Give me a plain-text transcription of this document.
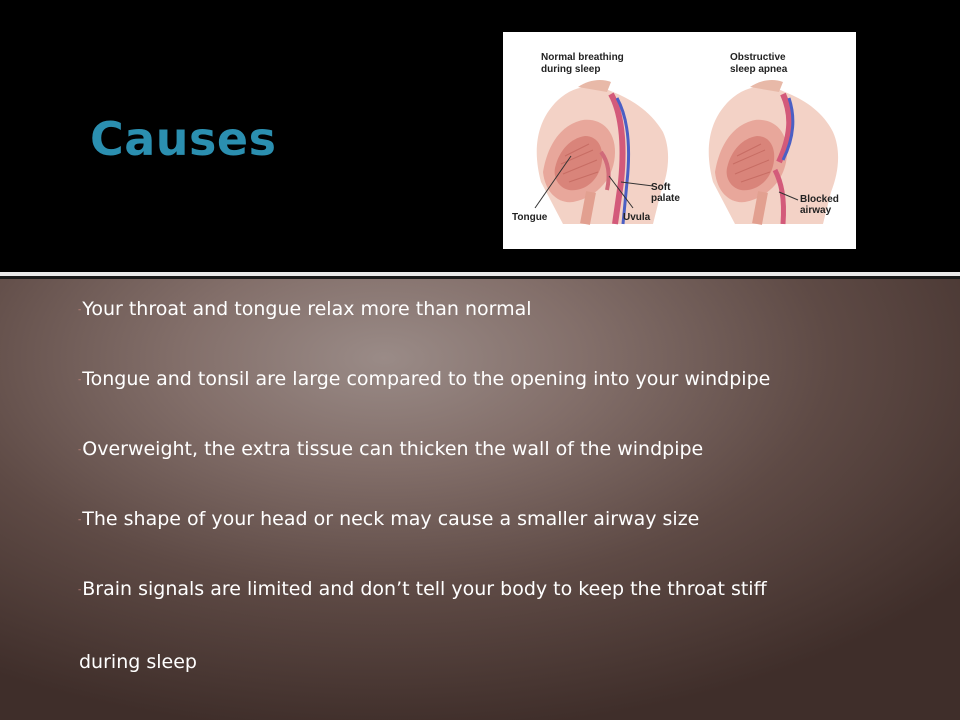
Causes
Normal breathing
during sleep
Obstructive
sleep apnea
Tongue	Uvula
Soft
palate	Blocked
airway
-Your throat and tongue relax more than normal
-Tongue and tonsil are large compared to the opening into your windpipe
-Overweight, the extra tissue can thicken the wall of the windpipe
-The shape of your head or neck may cause a smaller airway size
-Brain signals are limited and don’t tell your body to keep the throat stiff
during sleep
